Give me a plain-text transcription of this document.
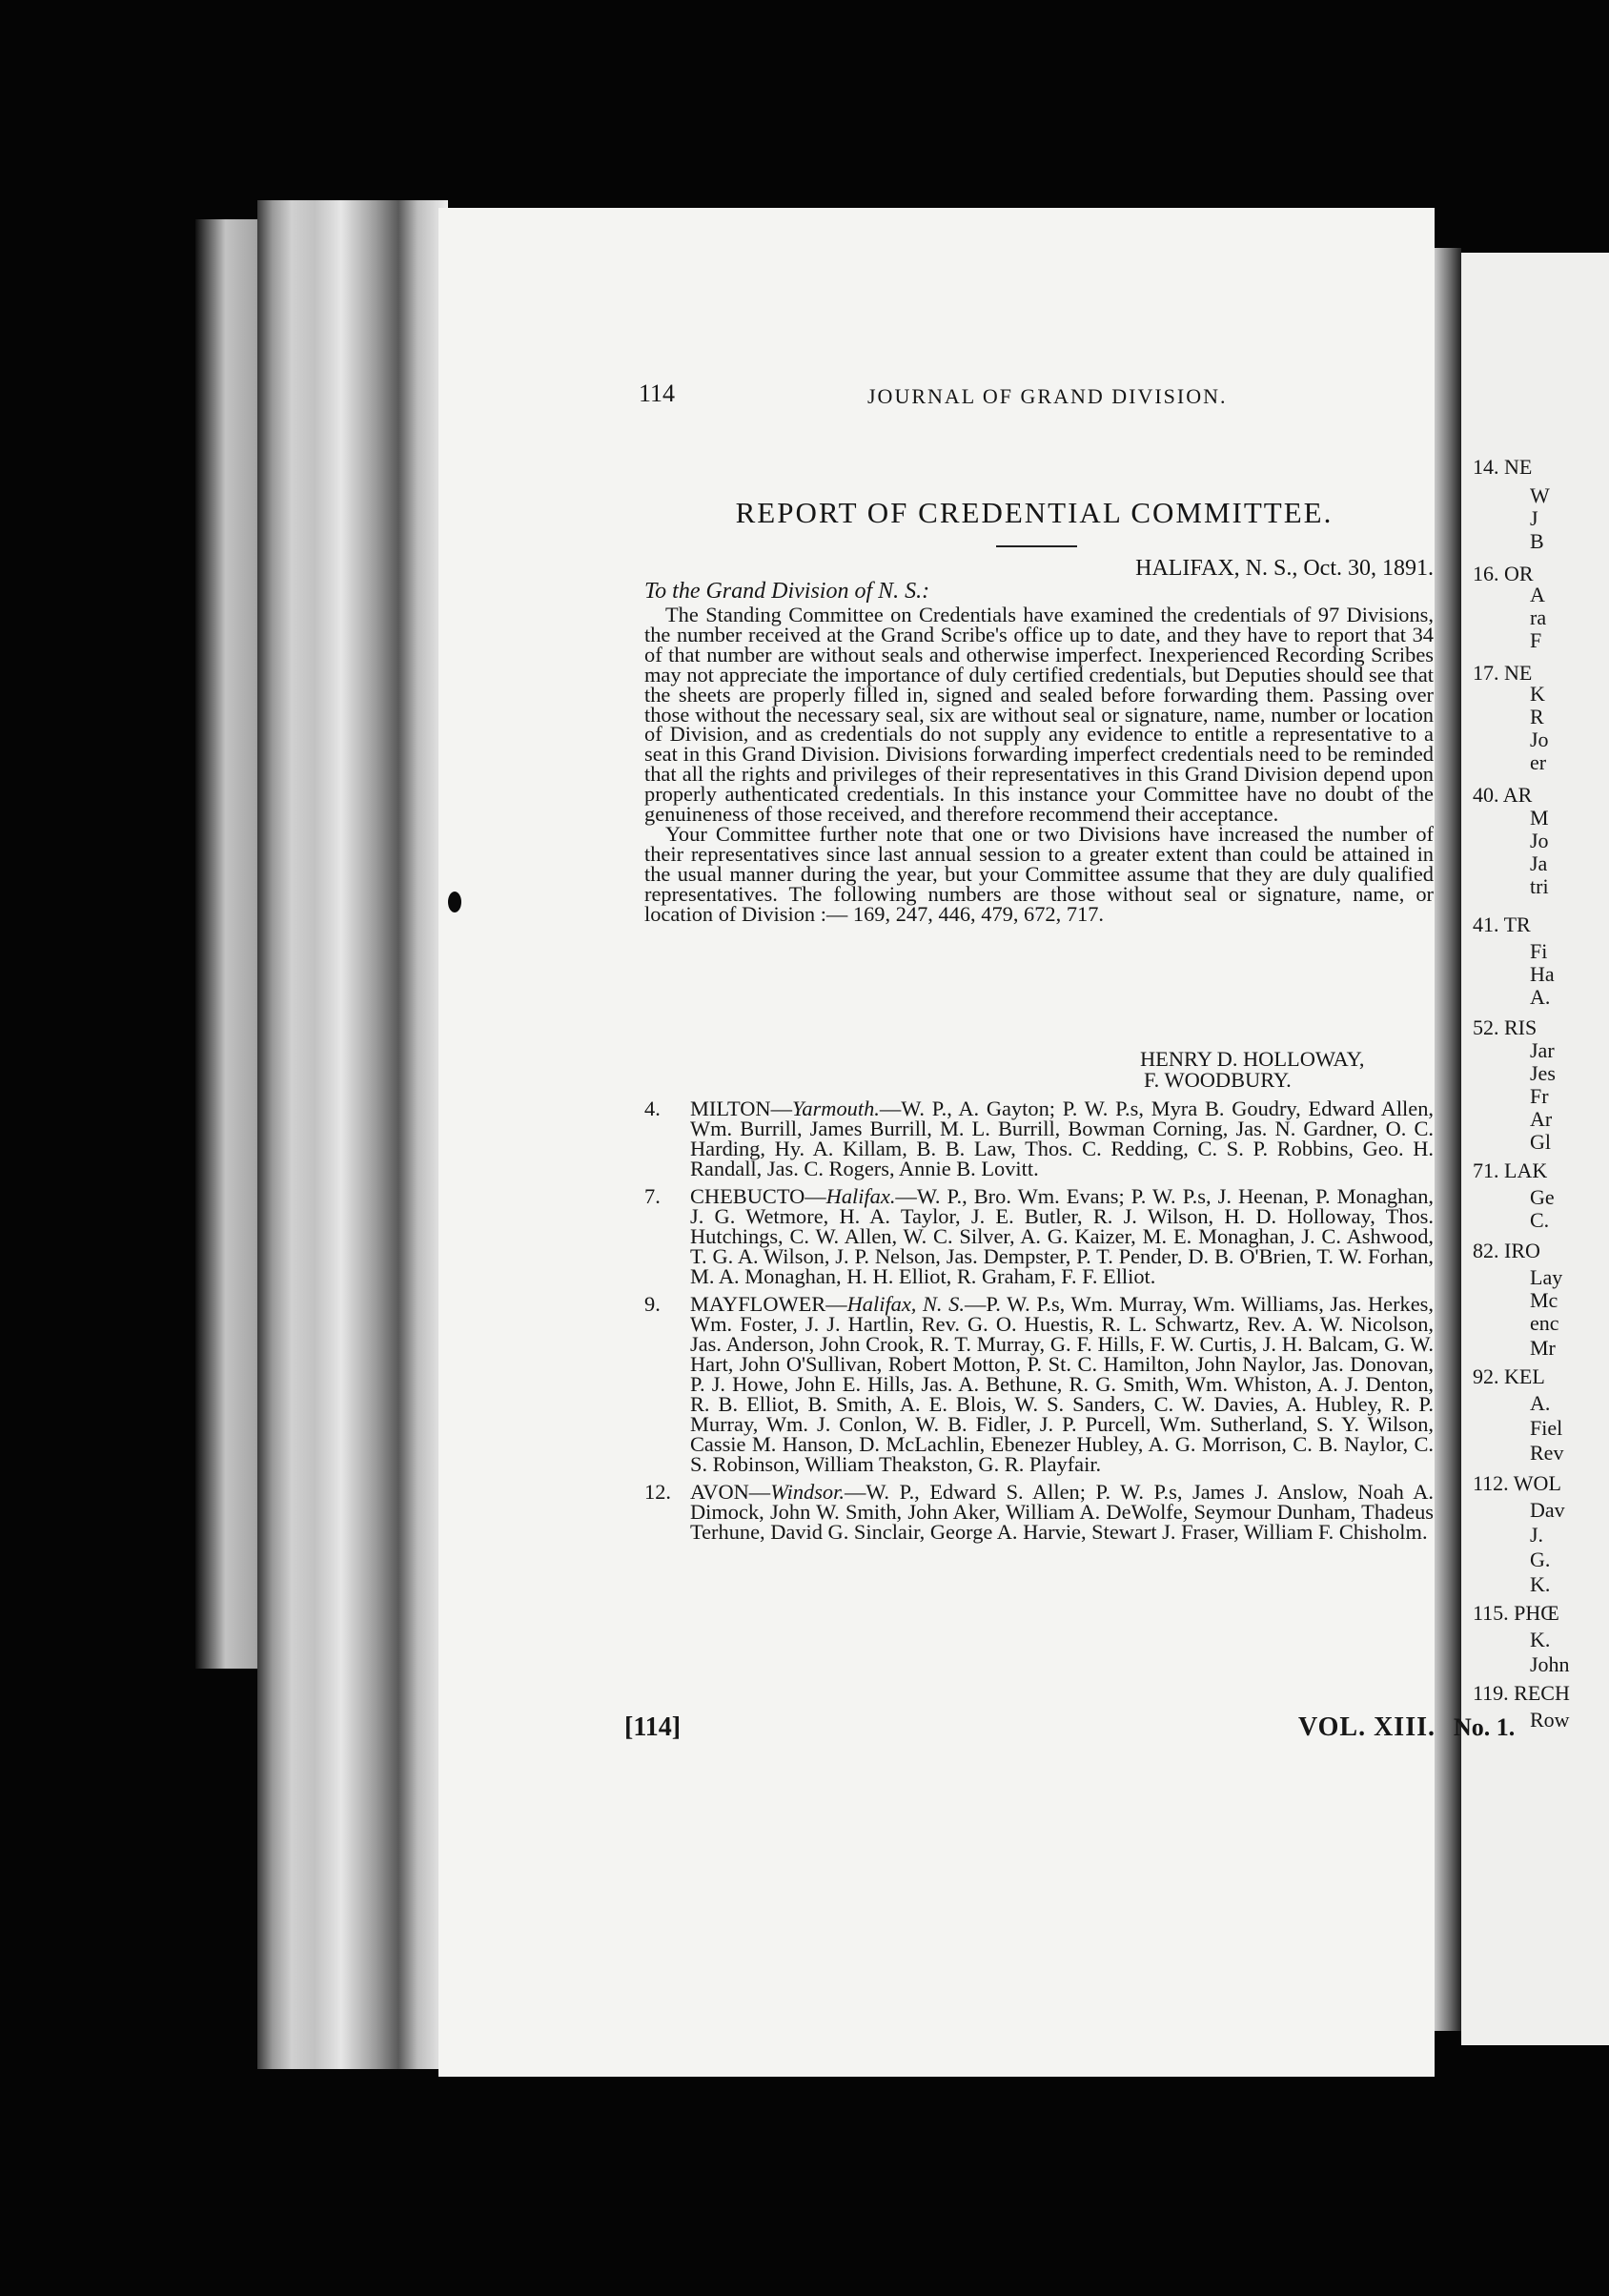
114	JOURNAL OF GRAND DIVISION.
REPORT OF CREDENTIAL COMMITTEE.
HALIFAX, N. S., Oct. 30, 1891.
To the Grand Division of N. S.:

The Standing Committee on Credentials have examined the credentials of 97 Divisions, the number received at the Grand Scribe's office up to date, and they have to report that 34 of that number are without seals and otherwise imperfect. Inexperienced Recording Scribes may not appreciate the importance of duly certified credentials, but Deputies should see that the sheets are properly filled in, signed and sealed before forwarding them. Passing over those without the necessary seal, six are without seal or signature, name, number or location of Division, and as credentials do not supply any evidence to entitle a representative to a seat in this Grand Division. Divisions forwarding imperfect credentials need to be reminded that all the rights and privileges of their representatives in this Grand Division depend upon properly authenticated credentials. In this instance your Committee have no doubt of the genuineness of those received, and therefore recommend their acceptance.

Your Committee further note that one or two Divisions have increased the number of their representatives since last annual session to a greater extent than could be attained in the usual manner during the year, but your Committee assume that they are duly qualified representatives. The following numbers are those without seal or signature, name, or location of Division :— 169, 247, 446, 479, 672, 717.

HENRY D. HOLLOWAY,
F. WOODBURY.
4.	MILTON—Yarmouth.—W. P., A. Gayton; P. W. P.s, Myra B. Goudry, Edward Allen, Wm. Burrill, James Burrill, M. L. Burrill, Bowman Corning, Jas. N. Gardner, O. C. Harding, Hy. A. Killam, B. B. Law, Thos. C. Redding, C. S. P. Robbins, Geo. H. Randall, Jas. C. Rogers, Annie B. Lovitt.
7.	CHEBUCTO—Halifax.—W. P., Bro. Wm. Evans; P. W. P.s, J. Heenan, P. Monaghan, J. G. Wetmore, H. A. Taylor, J. E. Butler, R. J. Wilson, H. D. Holloway, Thos. Hutchings, C. W. Allen, W. C. Silver, A. G. Kaizer, M. E. Monaghan, J. C. Ashwood, T. G. A. Wilson, J. P. Nelson, Jas. Dempster, P. T. Pender, D. B. O'Brien, T. W. Forhan, M. A. Monaghan, H. H. Elliot, R. Graham, F. F. Elliot.
9.	MAYFLOWER—Halifax, N. S.—P. W. P.s, Wm. Murray, Wm. Williams, Jas. Herkes, Wm. Foster, J. J. Hartlin, Rev. G. O. Huestis, R. L. Schwartz, Rev. A. W. Nicolson, Jas. Anderson, John Crook, R. T. Murray, G. F. Hills, F. W. Curtis, J. H. Balcam, G. W. Hart, John O'Sullivan, Robert Motton, P. St. C. Hamilton, John Naylor, Jas. Donovan, P. J. Howe, John E. Hills, Jas. A. Bethune, R. G. Smith, Wm. Whiston, A. J. Denton, R. B. Elliot, B. Smith, A. E. Blois, W. S. Sanders, C. W. Davies, A. Hubley, R. P. Murray, Wm. J. Conlon, W. B. Fidler, J. P. Purcell, Wm. Sutherland, S. Y. Wilson, Cassie M. Hanson, D. McLachlin, Ebenezer Hubley, A. G. Morrison, C. B. Naylor, C. S. Robinson, William Theakston, G. R. Playfair.
12. AVON—Windsor.—W. P., Edward S. Allen; P. W. P.s, James J. Anslow, Noah A. Dimock, John W. Smith, John Aker, William A. DeWolfe, Seymour Dunham, Thadeus Terhune, David G. Sinclair, George A. Harvie, Stewart J. Fraser, William F. Chisholm.
[114]	VOL. XIII.
14. NE
W
J
B
16. OR
A
ra
F
17. NE
K
R
Jo
er
40. AR
M
Jo
Ja
tri
41. TR
Fi
Ha
A.
52. RIS
Jar
Jes
Fr
Ar
Gl
71. LAK
Ge
C.
82. IRO
Lay
Mc
enc
Mr
92. KEL
A.
Fiel
Rev
112. WOL
Dav
J.
G.
K.
115. PHŒ
K.
John
119. RECH
Row
No. 1.
